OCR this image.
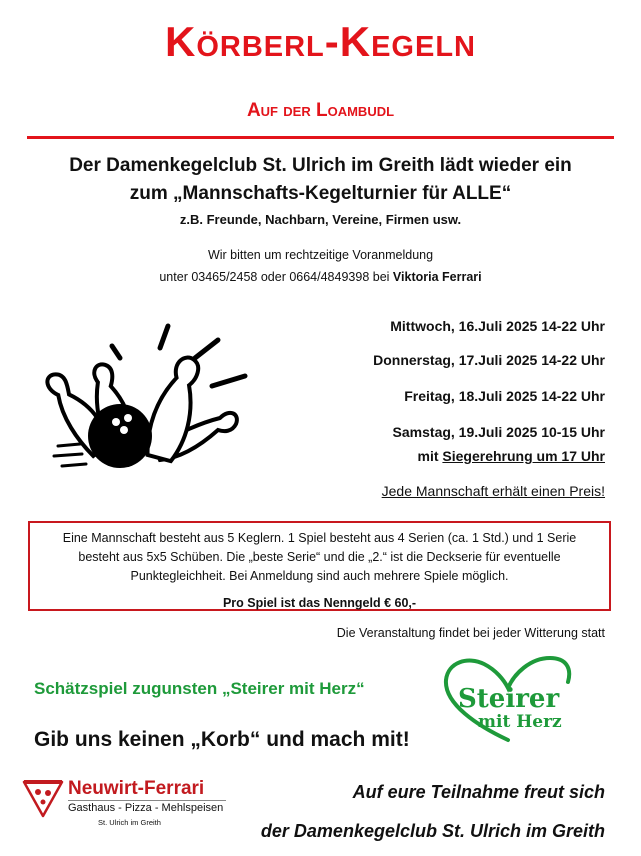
Körberl-Kegeln
Auf der Loambudl
Der Damenkegelclub St. Ulrich im Greith lädt wieder ein
zum „Mannschafts-Kegelturnier für ALLE“
z.B. Freunde, Nachbarn, Vereine, Firmen usw.
Wir bitten um rechtzeitige Voranmeldung
unter 03465/2458 oder 0664/4849398 bei Viktoria Ferrari
Mittwoch, 16.Juli 2025 14-22 Uhr
Donnerstag, 17.Juli 2025 14-22 Uhr
Freitag, 18.Juli 2025 14-22 Uhr
Samstag, 19.Juli 2025 10-15 Uhr
mit Siegerehrung um 17 Uhr
Jede Mannschaft erhält einen Preis!
Eine Mannschaft besteht aus 5 Keglern. 1 Spiel besteht aus 4 Serien (ca. 1 Std.) und 1 Serie
besteht aus 5x5 Schüben. Die „beste Serie“ und die „2.“ ist die Deckserie für eventuelle
Punktegleichheit. Bei Anmeldung sind auch mehrere Spiele möglich.
Pro Spiel ist das Nenngeld € 60,-
Die Veranstaltung findet bei jeder Witterung statt
Schätzspiel zugunsten „Steirer mit Herz“
Gib uns keinen „Korb“ und mach mit!
Steirer
mit Herz
Neuwirt-Ferrari
Gasthaus - Pizza - Mehlspeisen
St. Ulrich im Greith
Auf eure Teilnahme freut sich
der Damenkegelclub St. Ulrich im Greith
